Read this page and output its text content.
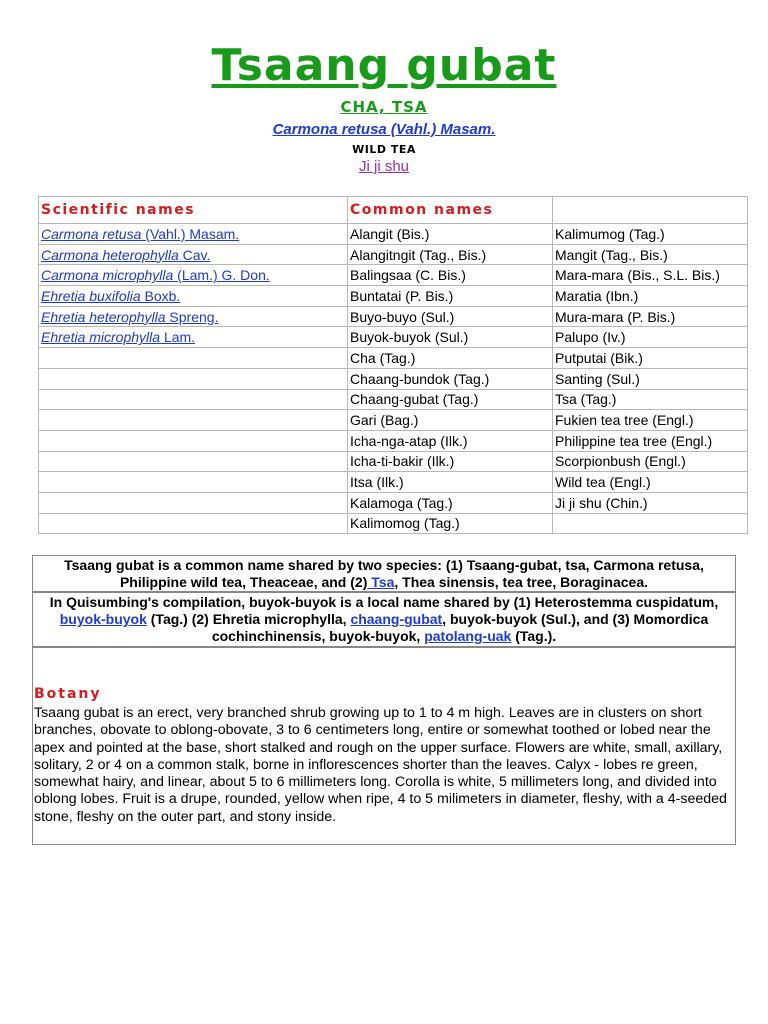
Tsaang gubat
CHA, TSA
Carmona retusa (Vahl.) Masam.
WILD TEA
Ji ji shu
Scientific names	Common names	
Carmona retusa (Vahl.) Masam.	Alangit (Bis.)	Kalimumog (Tag.)
Carmona heterophylla Cav.	Alangitngit (Tag., Bis.)	Mangit (Tag., Bis.)
Carmona microphylla (Lam.) G. Don.	Balingsaa (C. Bis.)	Mara-mara (Bis., S.L. Bis.)
Ehretia buxifolia Boxb.	Buntatai (P. Bis.)	Maratia (Ibn.)
Ehretia heterophylla Spreng.	Buyo-buyo (Sul.)	Mura-mara (P. Bis.)
Ehretia microphylla Lam.	Buyok-buyok (Sul.)	Palupo (Iv.)
	Cha (Tag.)	Putputai (Bik.)
	Chaang-bundok (Tag.)	Santing (Sul.)
	Chaang-gubat (Tag.)	Tsa (Tag.)
	Gari (Bag.)	Fukien tea tree (Engl.)
	Icha-nga-atap (Ilk.)	Philippine tea tree (Engl.)
	Icha-ti-bakir (Ilk.)	Scorpionbush (Engl.)
	Itsa (Ilk.)	Wild tea (Engl.)
	Kalamoga (Tag.)	Ji ji shu (Chin.)
	Kalimomog (Tag.)	
Tsaang gubat is a common name shared by two species: (1) Tsaang-gubat, tsa, Carmona retusa, Philippine wild tea, Theaceae, and (2) Tsa, Thea sinensis, tea tree, Boraginacea.
In Quisumbing's compilation, buyok-buyok is a local name shared by (1) Heterostemma cuspidatum, buyok-buyok (Tag.) (2) Ehretia microphylla, chaang-gubat, buyok-buyok (Sul.), and (3) Momordica cochinchinensis, buyok-buyok, patolang-uak (Tag.).
Botany

Tsaang gubat is an erect, very branched shrub growing up to 1 to 4 m high. Leaves are in clusters on short branches, obovate to oblong-obovate, 3 to 6 centimeters long, entire or somewhat toothed or lobed near the apex and pointed at the base, short stalked and rough on the upper surface. Flowers are white, small, axillary, solitary, 2 or 4 on a common stalk, borne in inflorescences shorter than the leaves. Calyx - lobes re green, somewhat hairy, and linear, about 5 to 6 millimeters long. Corolla is white, 5 millimeters long, and divided into oblong lobes. Fruit is a drupe, rounded, yellow when ripe, 4 to 5 milimeters in diameter, fleshy, with a 4-seeded stone, fleshy on the outer part, and stony inside.
